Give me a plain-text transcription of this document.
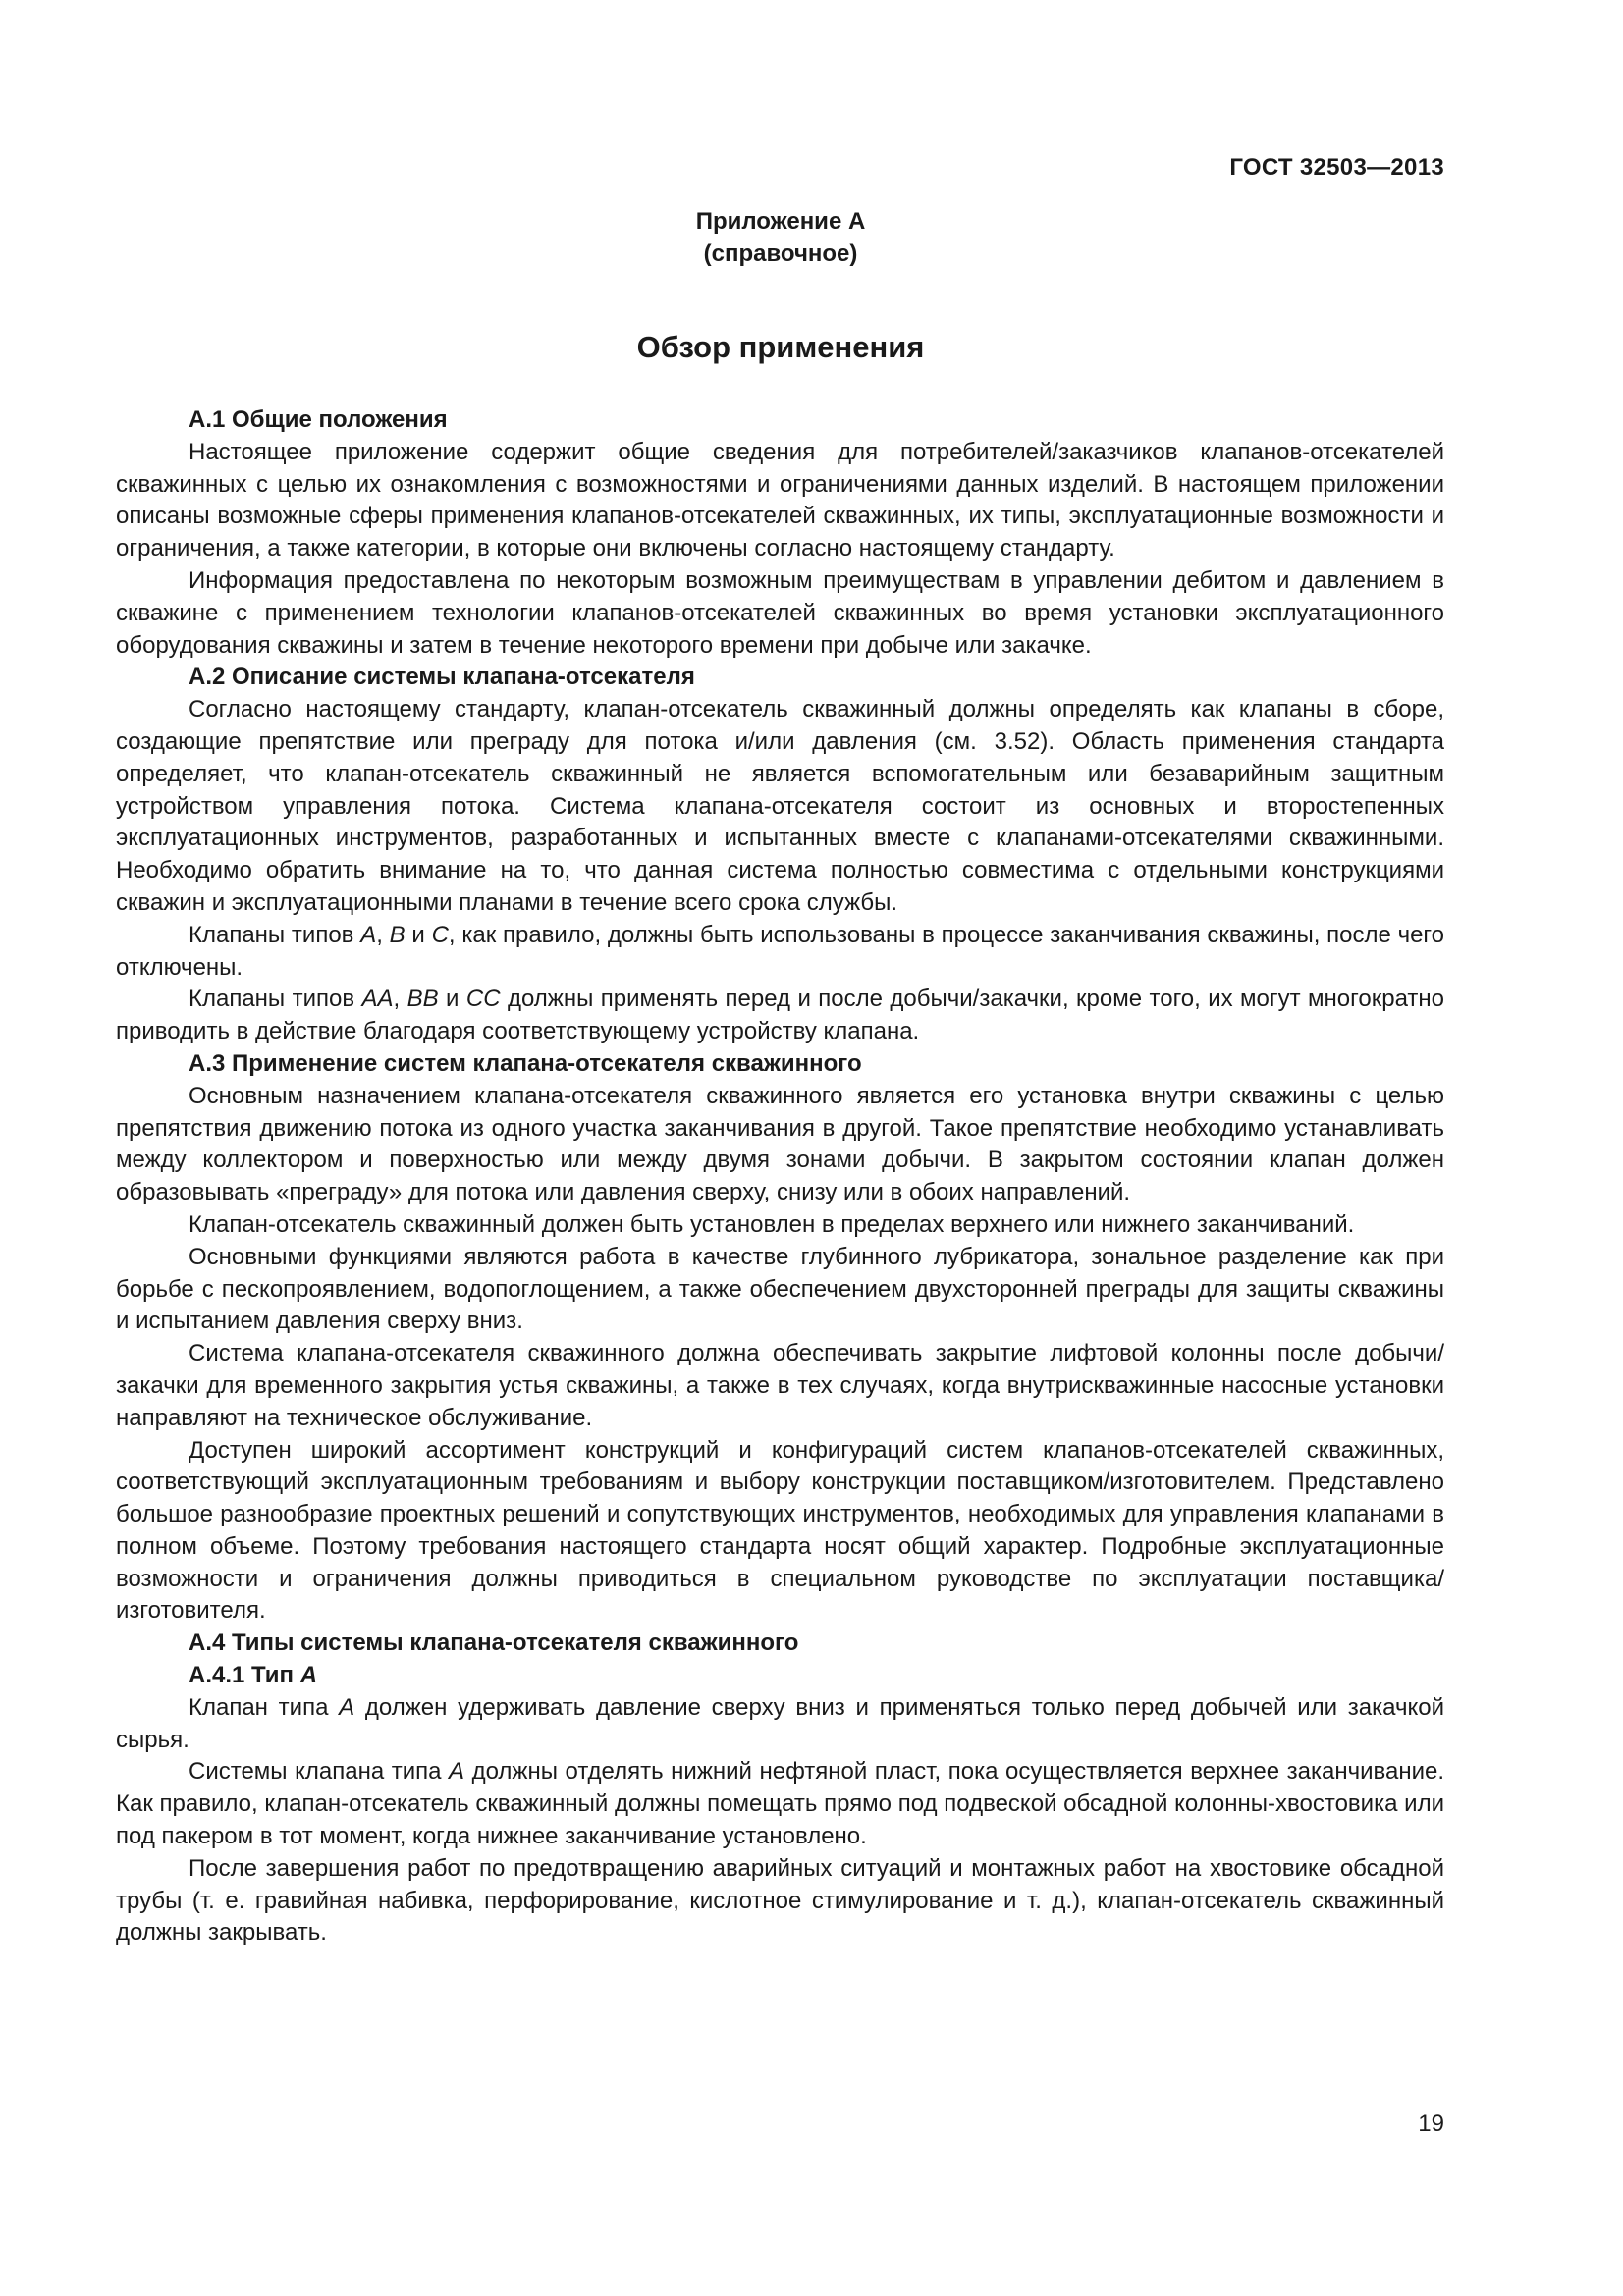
ГОСТ 32503—2013
Приложение А
(справочное)
Обзор применения
А.1 Общие положения

Настоящее приложение содержит общие сведения для потребителей/заказчиков клапанов-отсекателей скважинных с целью их ознакомления с возможностями и ограничениями данных изделий. В настоящем приложении описаны возможные сферы применения клапанов-отсекателей скважинных, их типы, эксплуатационные возможности и ограничения, а также категории, в которые они включены согласно настоящему стандарту.

Информация предоставлена по некоторым возможным преимуществам в управлении дебитом и давлением в скважине с применением технологии клапанов-отсекателей скважинных во время установки эксплуатационного оборудования скважины и затем в течение некоторого времени при добыче или закачке.

А.2 Описание системы клапана-отсекателя

Согласно настоящему стандарту, клапан-отсекатель скважинный должны определять как клапаны в сборе, создающие препятствие или преграду для потока и/или давления (см. 3.52). Область применения стандарта определяет, что клапан-отсекатель скважинный не является вспомогательным или безаварийным защитным устройством управления потока. Система клапана-отсекателя состоит из основных и второстепенных эксплуатационных инструментов, разработанных и испытанных вместе с клапанами-отсекателями скважинными. Необходимо обратить внимание на то, что данная система полностью совместима с отдельными конструкциями скважин и эксплуатационными планами в течение всего срока службы.

Клапаны типов А, В и С, как правило, должны быть использованы в процессе заканчивания скважины, после чего отключены.

Клапаны типов АА, ВВ и СС должны применять перед и после добычи/закачки, кроме того, их могут многократно приводить в действие благодаря соответствующему устройству клапана.

А.3 Применение систем клапана-отсекателя скважинного

Основным назначением клапана-отсекателя скважинного является его установка внутри скважины с целью препятствия движению потока из одного участка заканчивания в другой. Такое препятствие необходимо устанавливать между коллектором и поверхностью или между двумя зонами добычи. В закрытом состоянии клапан должен образовывать «преграду» для потока или давления сверху, снизу или в обоих направлений.

Клапан-отсекатель скважинный должен быть установлен в пределах верхнего или нижнего заканчиваний.

Основными функциями являются работа в качестве глубинного лубрикатора, зональное разделение как при борьбе с пескопроявлением, водопоглощением, а также обеспечением двухсторонней преграды для защиты скважины и испытанием давления сверху вниз.

Система клапана-отсекателя скважинного должна обеспечивать закрытие лифтовой колонны после добычи/закачки для временного закрытия устья скважины, а также в тех случаях, когда внутрискважинные насосные установки направляют на техническое обслуживание.

Доступен широкий ассортимент конструкций и конфигураций систем клапанов-отсекателей скважинных, соответствующий эксплуатационным требованиям и выбору конструкции поставщиком/изготовителем. Представлено большое разнообразие проектных решений и сопутствующих инструментов, необходимых для управления клапанами в полном объеме. Поэтому требования настоящего стандарта носят общий характер. Подробные эксплуатационные возможности и ограничения должны приводиться в специальном руководстве по эксплуатации поставщика/изготовителя.

А.4 Типы системы клапана-отсекателя скважинного
А.4.1 Тип А

Клапан типа А должен удерживать давление сверху вниз и применяться только перед добычей или закачкой сырья.

Системы клапана типа А должны отделять нижний нефтяной пласт, пока осуществляется верхнее заканчивание. Как правило, клапан-отсекатель скважинный должны помещать прямо под подвеской обсадной колонны-хвостовика или под пакером в тот момент, когда нижнее заканчивание установлено.

После завершения работ по предотвращению аварийных ситуаций и монтажных работ на хвостовике обсадной трубы (т. е. гравийная набивка, перфорирование, кислотное стимулирование и т. д.), клапан-отсекатель скважинный должны закрывать.

19
